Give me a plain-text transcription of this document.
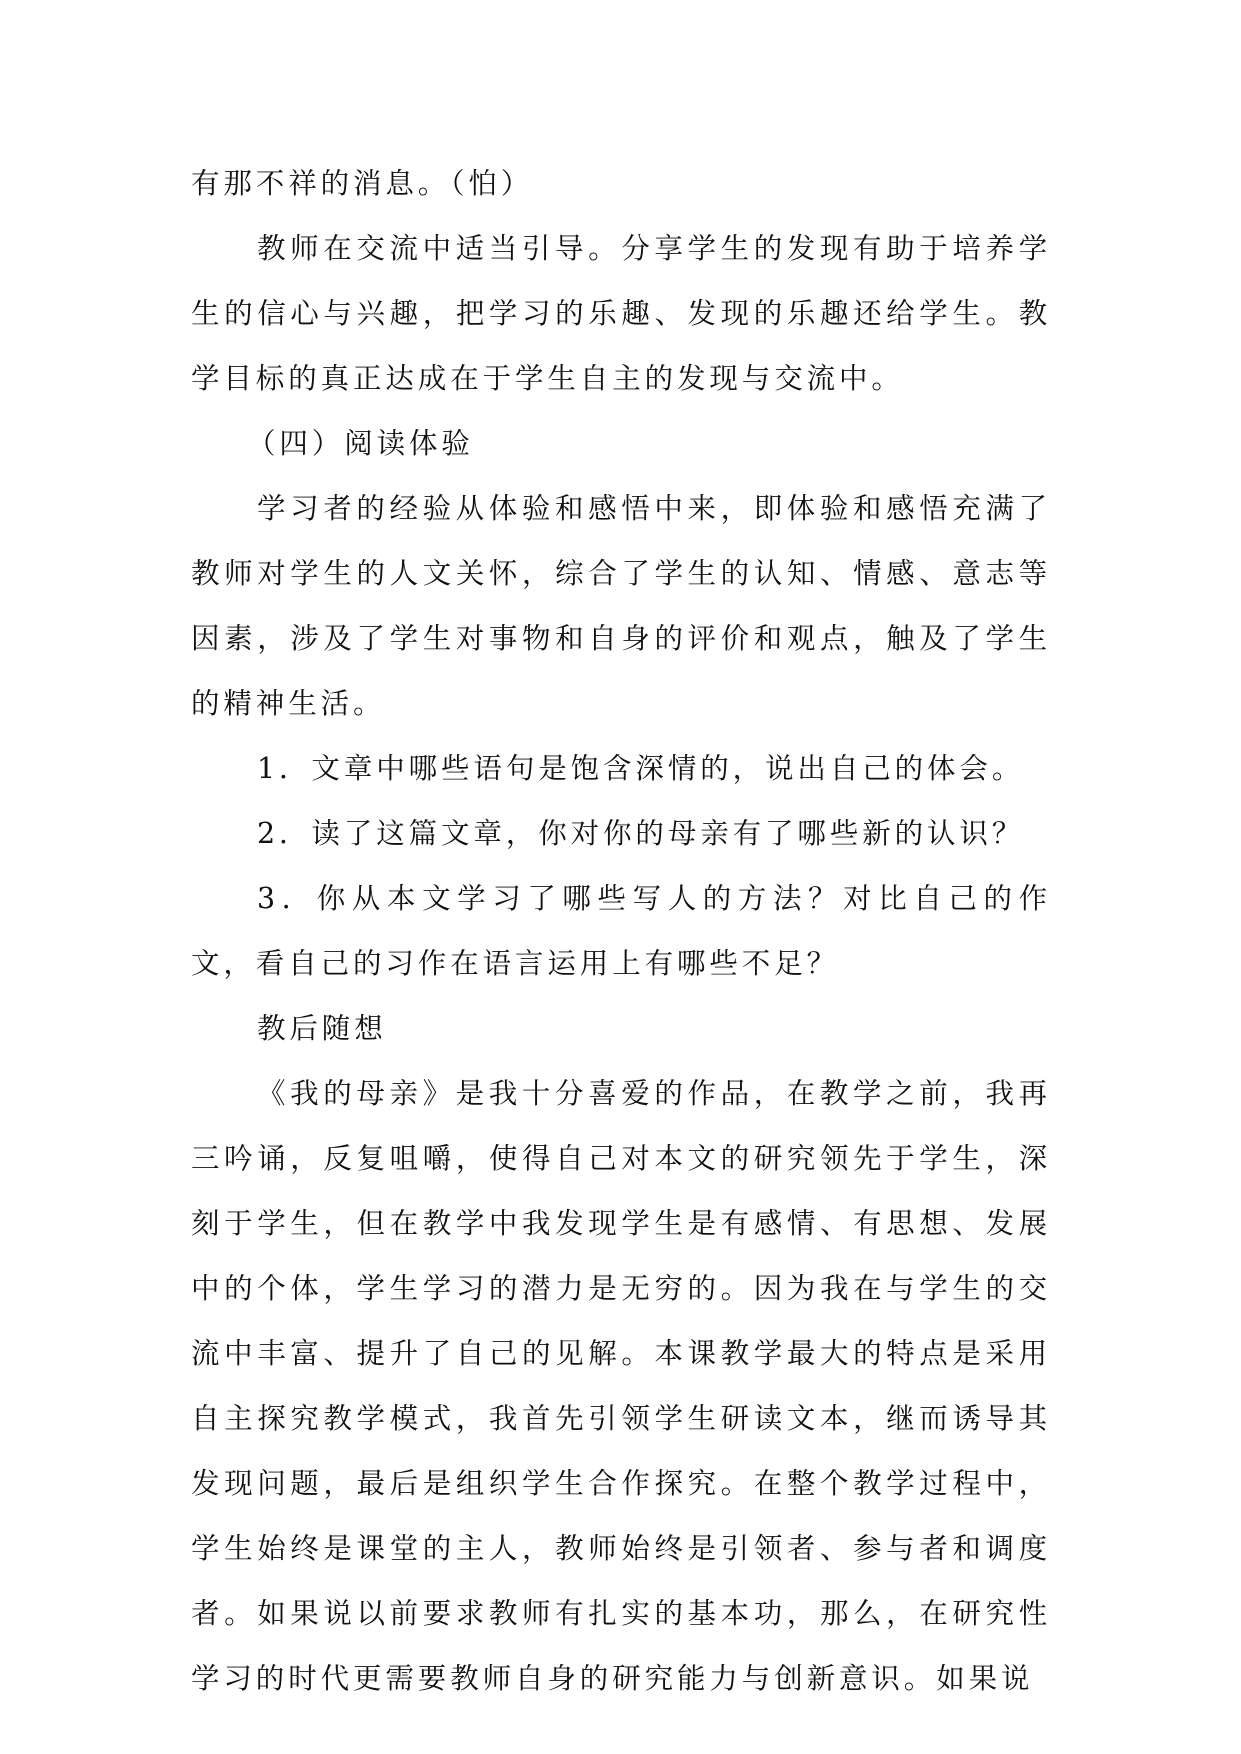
有那不祥的消息。（怕）

教师在交流中适当引导。分享学生的发现有助于培养学生的信心与兴趣，把学习的乐趣、发现的乐趣还给学生。教学目标的真正达成在于学生自主的发现与交流中。

（四）阅读体验

学习者的经验从体验和感悟中来，即体验和感悟充满了教师对学生的人文关怀，综合了学生的认知、情感、意志等因素，涉及了学生对事物和自身的评价和观点，触及了学生的精神生活。

1．文章中哪些语句是饱含深情的，说出自己的体会。

2．读了这篇文章，你对你的母亲有了哪些新的认识？

3．你从本文学习了哪些写人的方法？对比自己的作文，看自己的习作在语言运用上有哪些不足？

教后随想

《我的母亲》是我十分喜爱的作品，在教学之前，我再三吟诵，反复咀嚼，使得自己对本文的研究领先于学生，深刻于学生，但在教学中我发现学生是有感情、有思想、发展中的个体，学生学习的潜力是无穷的。因为我在与学生的交流中丰富、提升了自己的见解。本课教学最大的特点是采用自主探究教学模式，我首先引领学生研读文本，继而诱导其发现问题，最后是组织学生合作探究。在整个教学过程中，学生始终是课堂的主人，教师始终是引领者、参与者和调度者。如果说以前要求教师有扎实的基本功，那么，在研究性学习的时代更需要教师自身的研究能力与创新意识。如果说
